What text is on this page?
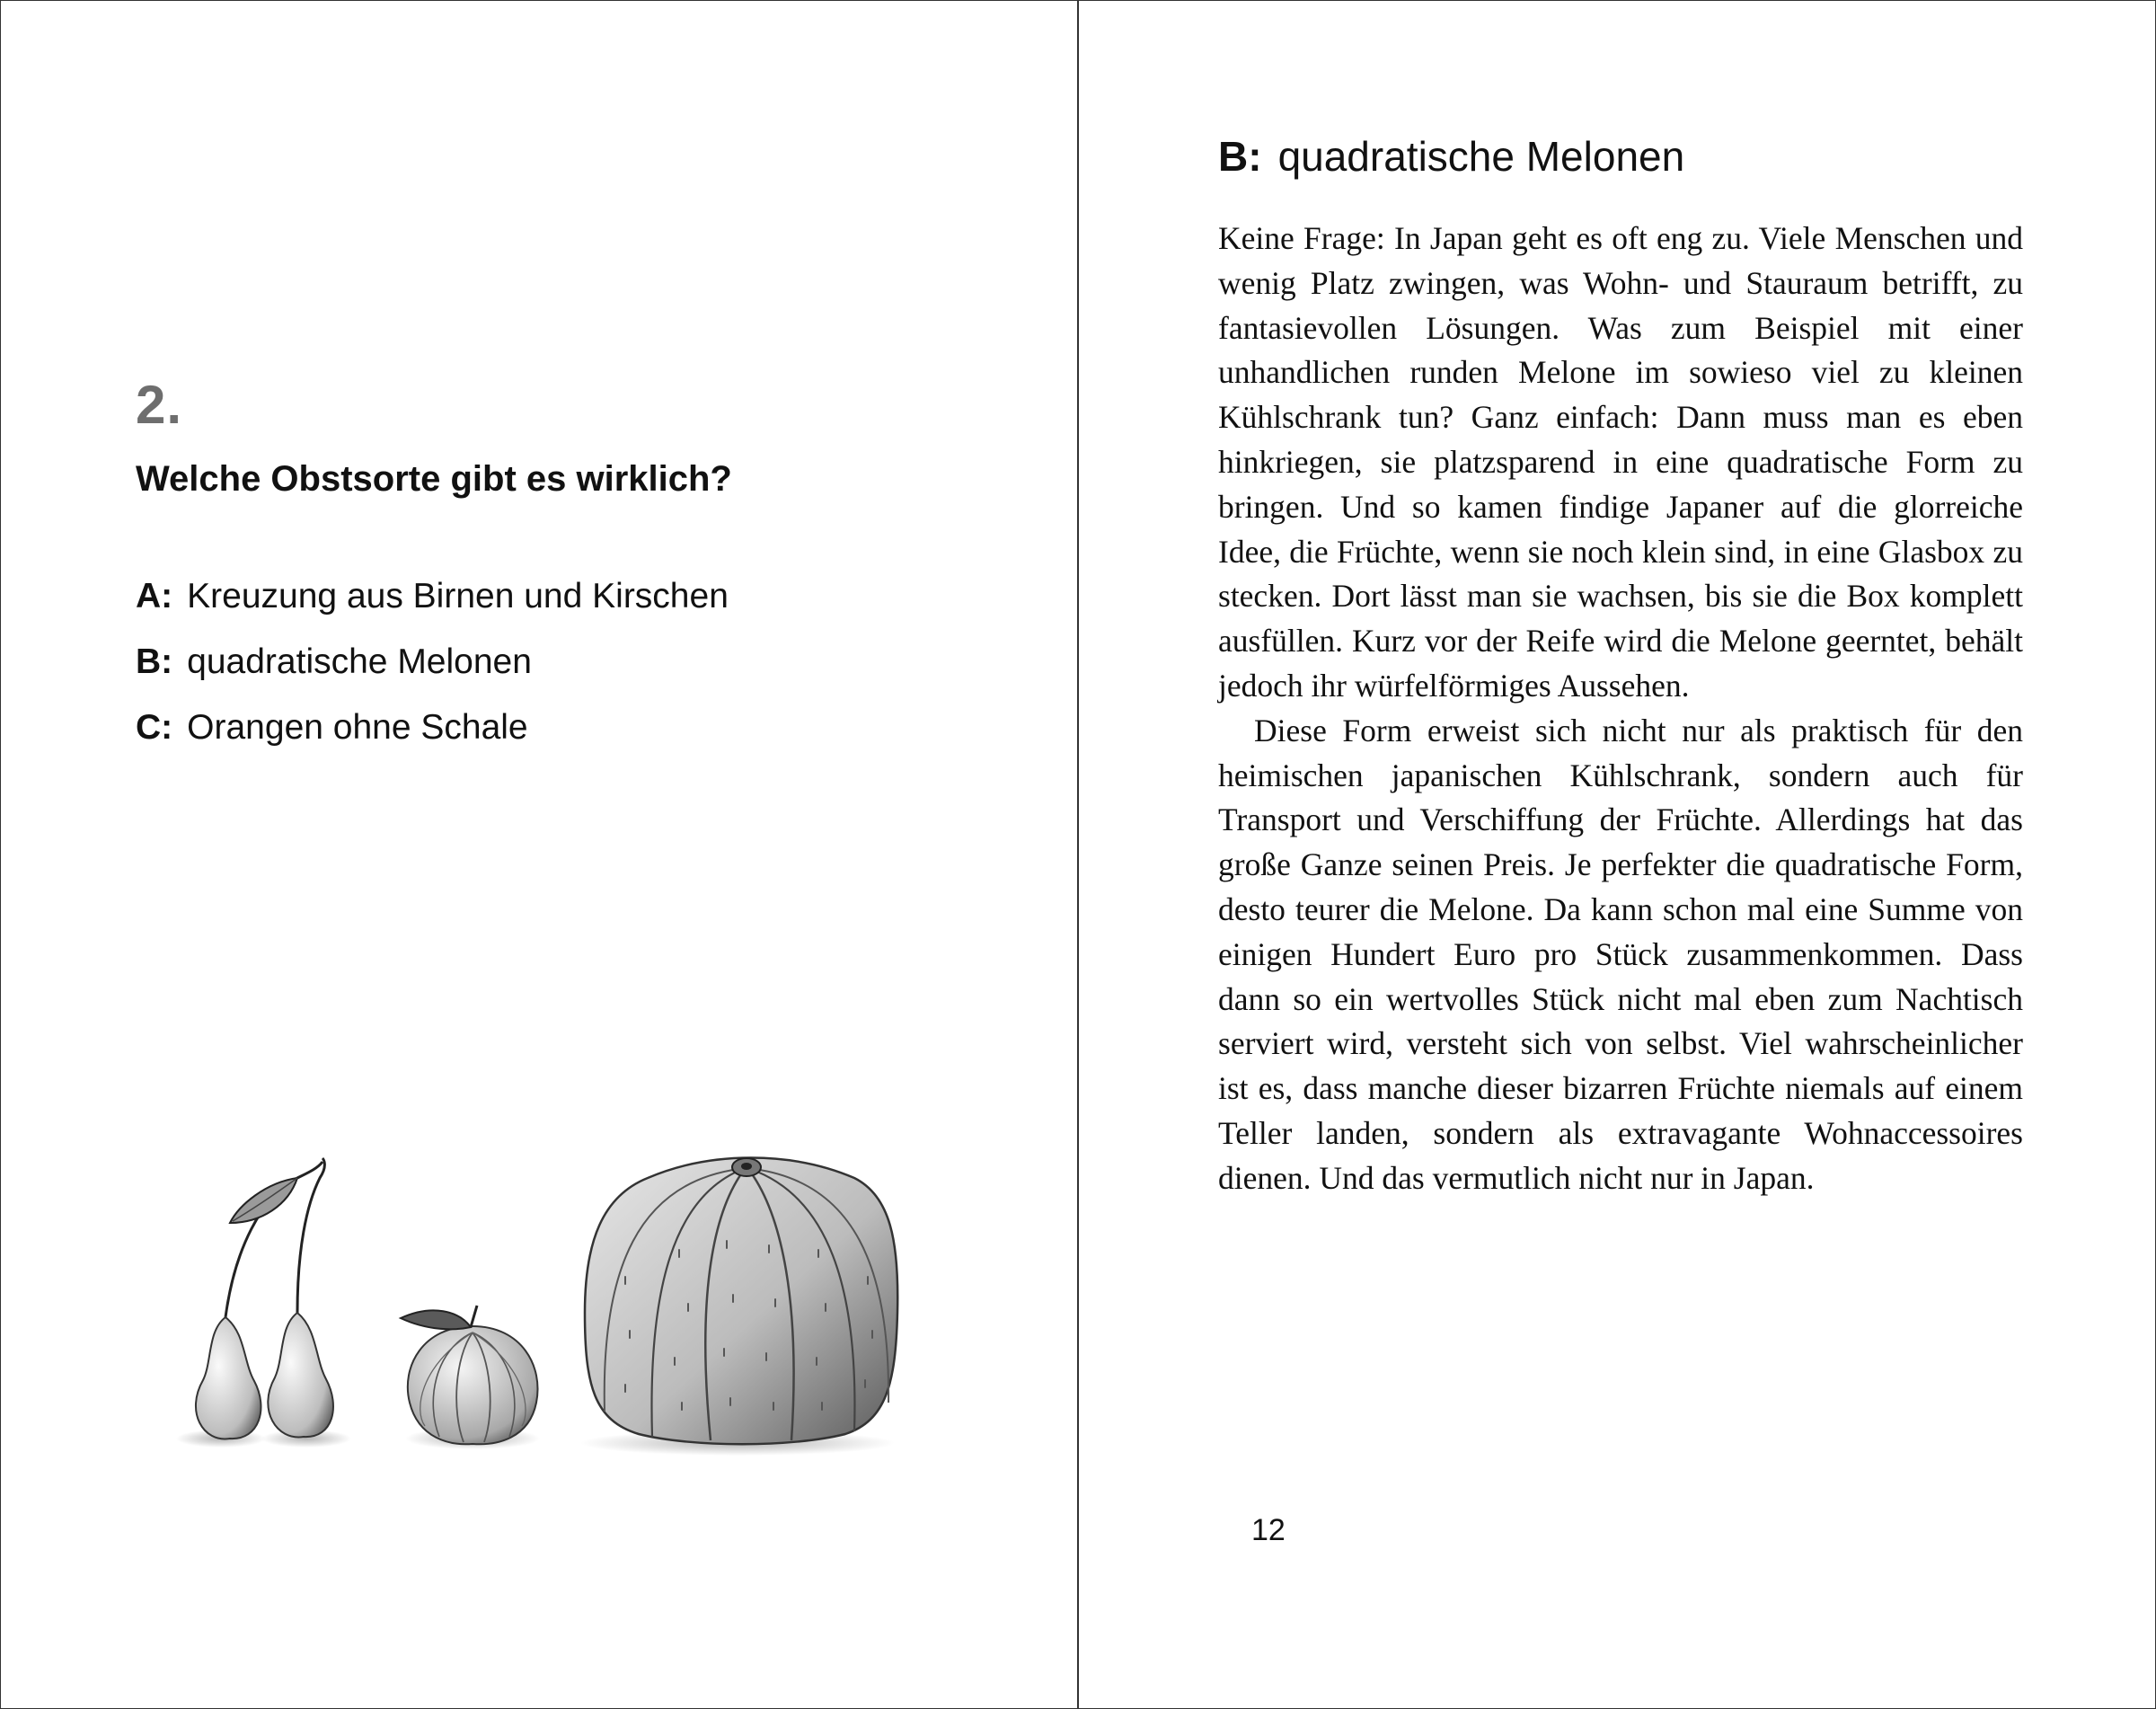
2.
Welche Obstsorte gibt es wirklich?
A: Kreuzung aus Birnen und Kirschen
B: quadratische Melonen
C: Orangen ohne Schale
B: quadratische Melonen

Keine Frage: In Japan geht es oft eng zu. Viele Menschen und wenig Platz zwingen, was Wohn- und Stauraum betrifft, zu fantasievollen Lösungen. Was zum Beispiel mit einer unhandlichen runden Melone im sowieso viel zu kleinen Kühlschrank tun? Ganz einfach: Dann muss man es eben hinkriegen, sie platzsparend in eine quadratische Form zu bringen. Und so kamen findige Japaner auf die glorreiche Idee, die Früchte, wenn sie noch klein sind, in eine Glasbox zu stecken. Dort lässt man sie wachsen, bis sie die Box komplett ausfüllen. Kurz vor der Reife wird die Melone geerntet, behält jedoch ihr würfelförmiges Aussehen.

Diese Form erweist sich nicht nur als praktisch für den heimischen japanischen Kühlschrank, sondern auch für Transport und Verschiffung der Früchte. Allerdings hat das große Ganze seinen Preis. Je perfekter die quadratische Form, desto teurer die Melone. Da kann schon mal eine Summe von einigen Hundert Euro pro Stück zusammenkommen. Dass dann so ein wertvolles Stück nicht mal eben zum Nachtisch serviert wird, versteht sich von selbst. Viel wahrscheinlicher ist es, dass manche dieser bizarren Früchte niemals auf einem Teller landen, sondern als extravagante Wohnaccessoires dienen. Und das vermutlich nicht nur in Japan.

12
